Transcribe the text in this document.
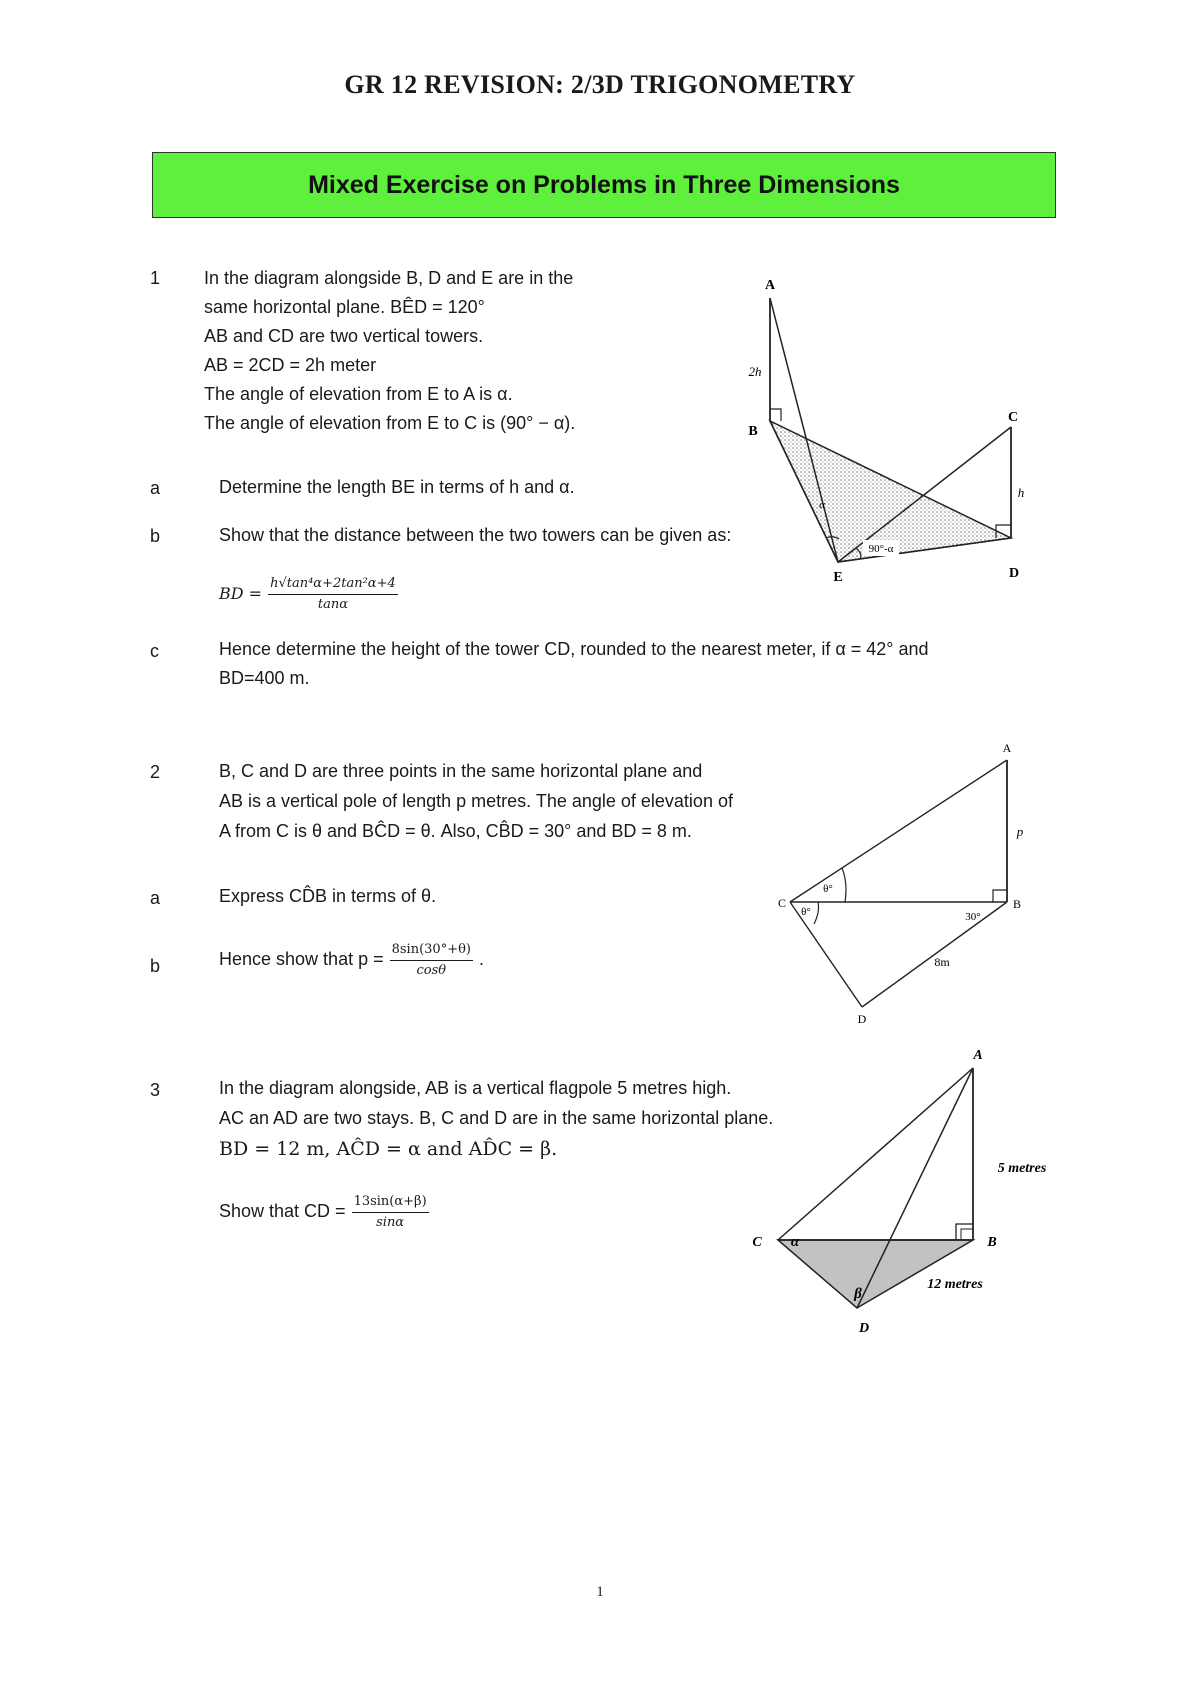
GR 12 REVISION: 2/3D TRIGONOMETRY
Mixed Exercise on Problems in Three Dimensions
1 In the diagram alongside B, D and E are in the
same horizontal plane. BÊD = 120°
AB and CD are two vertical towers.
AB = 2CD = 2h meter
The angle of elevation from E to A is α.
The angle of elevation from E to C is (90° − α).
a	Determine the length BE in terms of h and α.
b	Show that the distance between the two towers can be given as:
BD = $\frac{\text{h√tan⁴α+2tan²α+4}}{\tan\alpha}$
c	Hence determine the height of the tower CD, rounded to the nearest meter, if α = 42° and
BD=400 m.
A
B
C
D
E
2h
h
α
90°-α
2	B, C and D are three points in the same horizontal plane and
AB is a vertical pole of length p metres. The angle of elevation of
A from C is θ and BĈD = θ. Also, CB̂D = 30° and BD = 8 m.
a	Express CD̂B in terms of θ.
b	Hence show that $p = \frac{8\sin(30^\circ+\theta)}{\cos\theta}$ .
A
B
C
D
p
θ°
θ°	30°
8m
3	In the diagram alongside, AB is a vertical flagpole 5 metres high.
AC an AD are two stays. B, C and D are in the same horizontal plane.
BD = 12 m, AĈD = α and AD̂C = β.
Show that CD = $\frac{13\sin(\alpha+\beta)}{\sin\alpha}$
A
B
C
D
5 metres
12 metres
α
β
1
